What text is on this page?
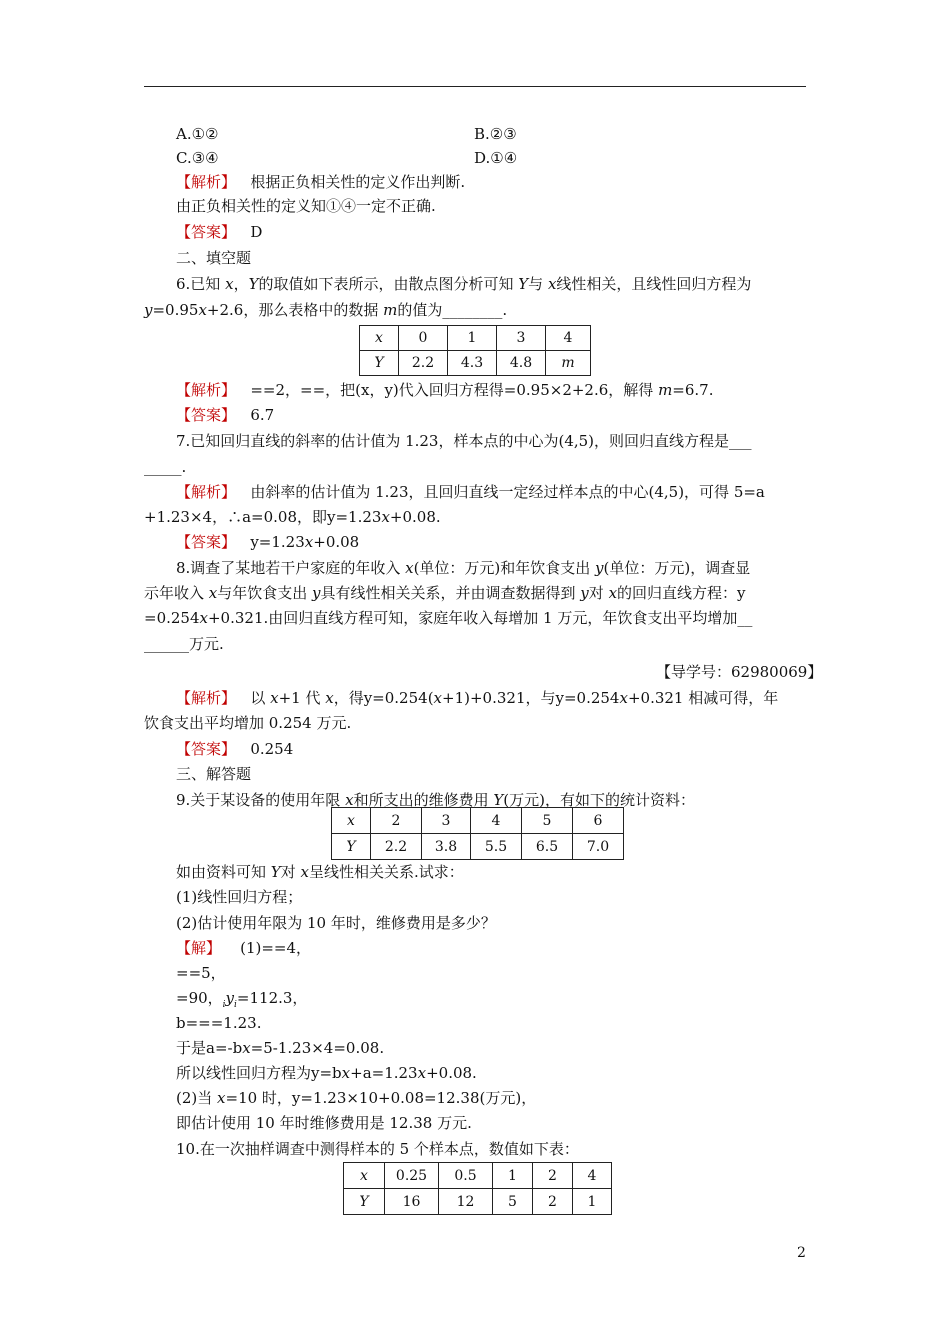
A.①②	B.②③
C.③④	D.①④
【解析】 根据正负相关性的定义作出判断.
由正负相关性的定义知①④一定不正确.
【答案】 D
二、填空题
6.已知 x，Y的取值如下表所示，由散点图分析可知 Y与 x线性相关，且线性回归方程为
y=0.95x+2.6，那么表格中的数据 m的值为________.
x	0	1	3	4
Y	2.2	4.3	4.8	m
【解析】 ==2，==，把(x，y)代入回归方程得=0.95×2+2.6，解得 m=6.7.
【答案】 6.7
7.已知回归直线的斜率的估计值为 1.23，样本点的中心为(4,5)，则回归直线方程是___
_____.
【解析】 由斜率的估计值为 1.23，且回归直线一定经过样本点的中心(4,5)，可得 5=a
+1.23×4，∴a=0.08，即y=1.23x+0.08.
【答案】 y=1.23x+0.08
8.调查了某地若干户家庭的年收入 x(单位：万元)和年饮食支出 y(单位：万元)，调查显
示年收入 x与年饮食支出 y具有线性相关关系，并由调查数据得到 y对 x的回归直线方程：y
=0.254x+0.321.由回归直线方程可知，家庭年收入每增加 1 万元，年饮食支出平均增加__
______万元.
【导学号：62980069】
【解析】 以 x+1 代 x，得y=0.254(x+1)+0.321，与y=0.254x+0.321 相减可得，年
饮食支出平均增加 0.254 万元.
【答案】 0.254
三、解答题
9.关于某设备的使用年限 x和所支出的维修费用 Y(万元)，有如下的统计资料：
x	2	3	4	5	6
Y	2.2	3.8	5.5	6.5	7.0
如由资料可知 Y对 x呈线性相关关系.试求：
(1)线性回归方程；
(2)估计使用年限为 10 年时，维修费用是多少？
【解】 (1)==4，
==5，
=90，$_iy_i=112.3$，
b===1.23.
于是a=-bx=5-1.23×4=0.08.
所以线性回归方程为y=bx+a=1.23x+0.08.
(2)当 x=10 时，y=1.23×10+0.08=12.38(万元)，
即估计使用 10 年时维修费用是 12.38 万元.
10.在一次抽样调查中测得样本的 5 个样本点，数值如下表：
x	0.25	0.5	1	2	4
Y	16	12	5	2	1
2
